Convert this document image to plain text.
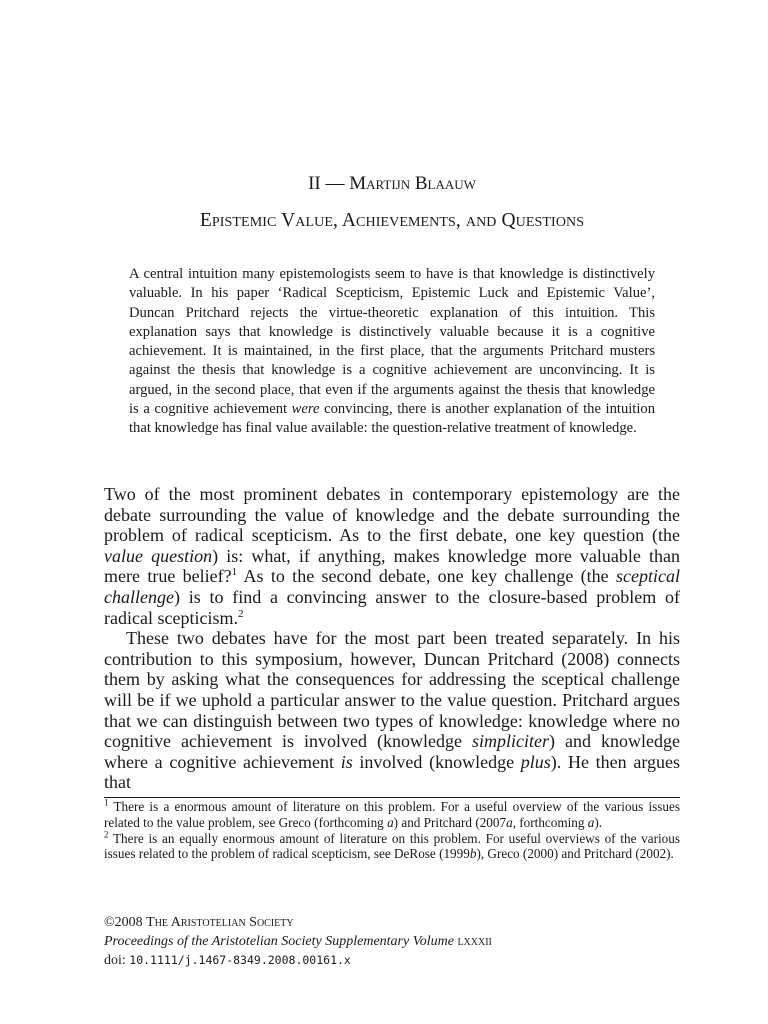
II — Martijn Blaauw
Epistemic Value, Achievements, and Questions

A central intuition many epistemologists seem to have is that knowledge is distinctively valuable. In his paper ‘Radical Scepticism, Epistemic Luck and Epistemic Value’, Duncan Pritchard rejects the virtue-theoretic explanation of this intuition. This explanation says that knowledge is distinctively valuable because it is a cognitive achievement. It is maintained, in the first place, that the arguments Pritchard musters against the thesis that knowledge is a cognitive achievement are unconvincing. It is argued, in the second place, that even if the arguments against the thesis that knowledge is a cognitive achievement were convincing, there is another explanation of the intuition that knowledge has final value available: the question-relative treatment of knowledge.

Two of the most prominent debates in contemporary epistemology are the debate surrounding the value of knowledge and the debate surrounding the problem of radical scepticism. As to the first debate, one key question (the value question) is: what, if anything, makes knowledge more valuable than mere true belief?$^1$ As to the second debate, one key challenge (the sceptical challenge) is to find a convincing answer to the closure-based problem of radical scepticism.$^2$

These two debates have for the most part been treated separately. In his contribution to this symposium, however, Duncan Pritchard (2008) connects them by asking what the consequences for addressing the sceptical challenge will be if we uphold a particular answer to the value question. Pritchard argues that we can distinguish between two types of knowledge: knowledge where no cognitive achievement is involved (knowledge simpliciter) and knowledge where a cognitive achievement is involved (knowledge plus). He then argues that

$^1$ There is a enormous amount of literature on this problem. For a useful overview of the various issues related to the value problem, see Greco (forthcoming a) and Pritchard (2007a, forthcoming a).

$^2$ There is an equally enormous amount of literature on this problem. For useful overviews of the various issues related to the problem of radical scepticism, see DeRose (1999b), Greco (2000) and Pritchard (2002).

©2008 The Aristotelian Society
Proceedings of the Aristotelian Society Supplementary Volume lxxxii
doi: 10.1111/j.1467-8349.2008.00161.x
